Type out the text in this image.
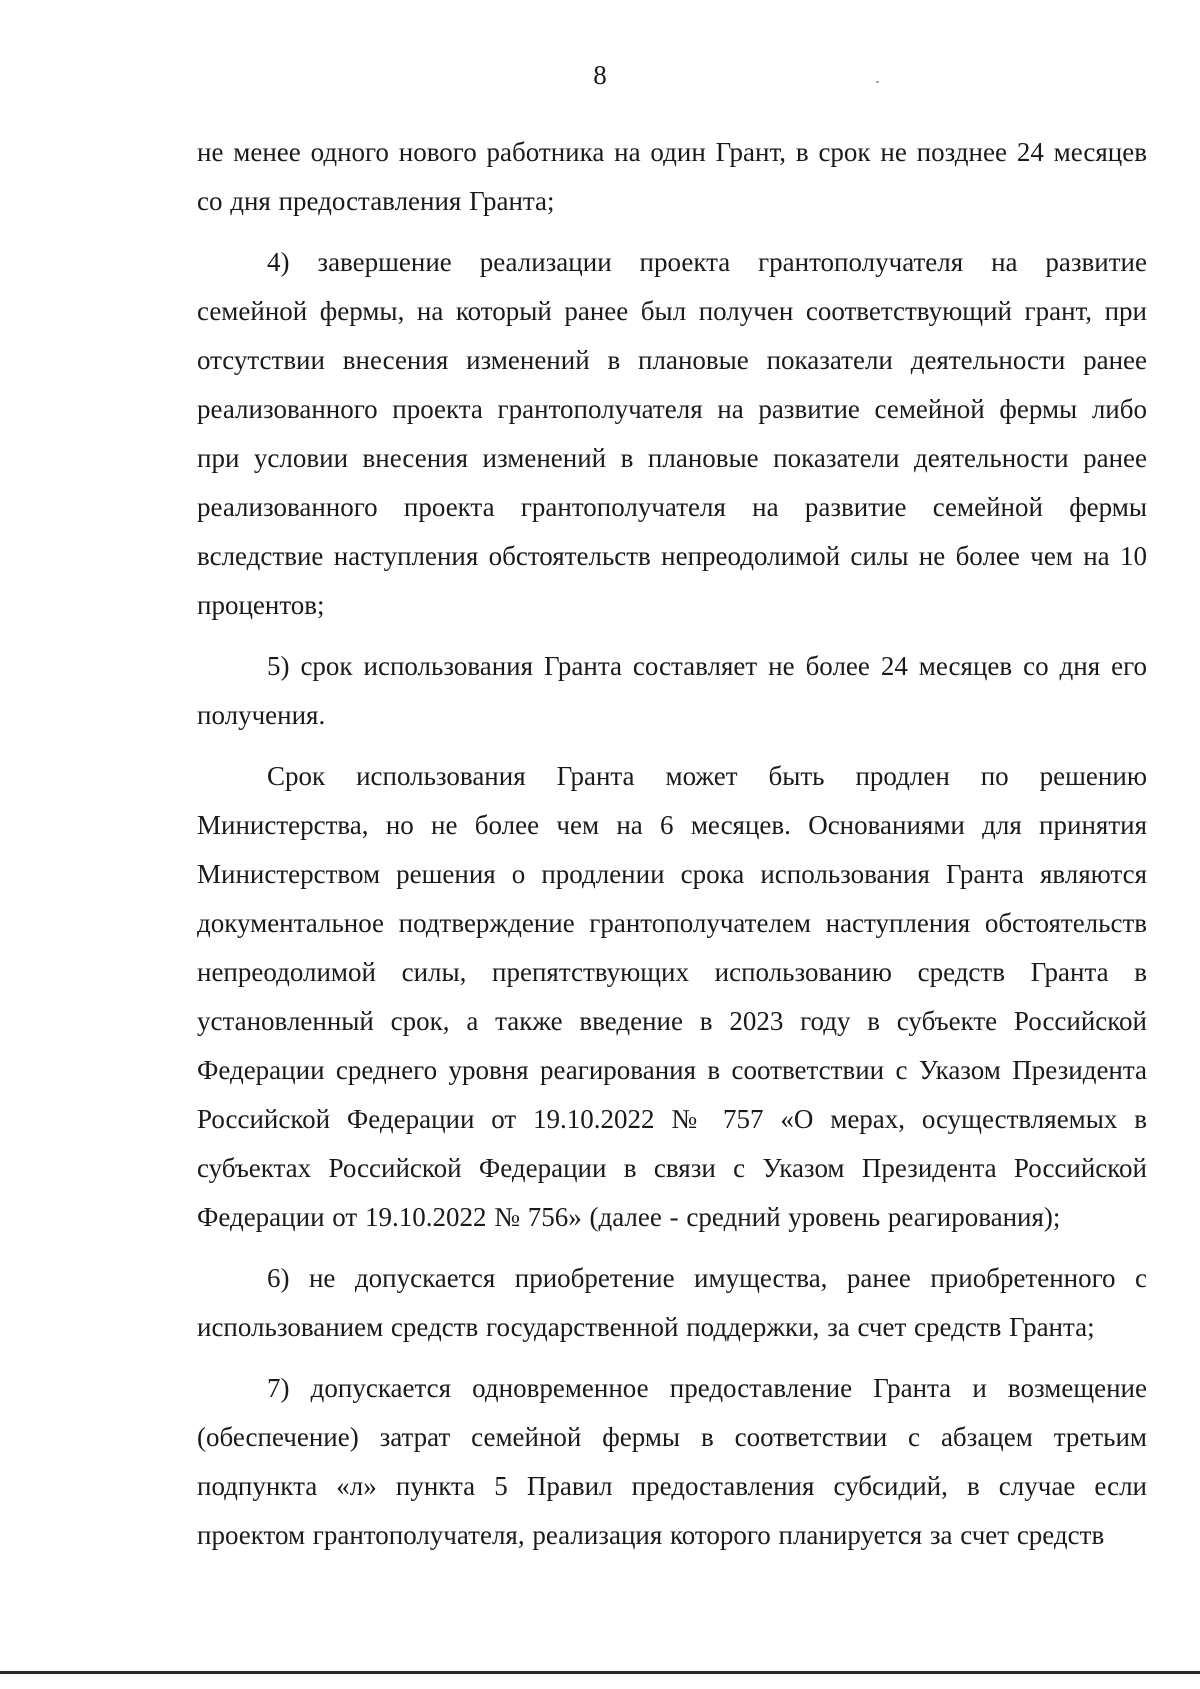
8

не менее одного нового работника на один Грант, в срок не позднее 24 месяцев со дня предоставления Гранта;

4) завершение реализации проекта грантополучателя на развитие семейной фермы, на который ранее был получен соответствующий грант, при отсутствии внесения изменений в плановые показатели деятельности ранее реализованного проекта грантополучателя на развитие семейной фермы либо при условии внесения изменений в плановые показатели деятельности ранее реализованного проекта грантополучателя на развитие семейной фермы вследствие наступления обстоятельств непреодолимой силы не более чем на 10 процентов;

5) срок использования Гранта составляет не более 24 месяцев со дня его получения.

Срок использования Гранта может быть продлен по решению Министерства, но не более чем на 6 месяцев. Основаниями для принятия Министерством решения о продлении срока использования Гранта являются документальное подтверждение грантополучателем наступления обстоятельств непреодолимой силы, препятствующих использованию средств Гранта в установленный срок, а также введение в 2023 году в субъекте Российской Федерации среднего уровня реагирования в соответствии с Указом Президента Российской Федерации от 19.10.2022 № 757 «О мерах, осуществляемых в субъектах Российской Федерации в связи с Указом Президента Российской Федерации от 19.10.2022 № 756» (далее - средний уровень реагирования);

6) не допускается приобретение имущества, ранее приобретенного с использованием средств государственной поддержки, за счет средств Гранта;

7) допускается одновременное предоставление Гранта и возмещение (обеспечение) затрат семейной фермы в соответствии с абзацем третьим подпункта «л» пункта 5 Правил предоставления субсидий, в случае если проектом грантополучателя, реализация которого планируется за счет средств
